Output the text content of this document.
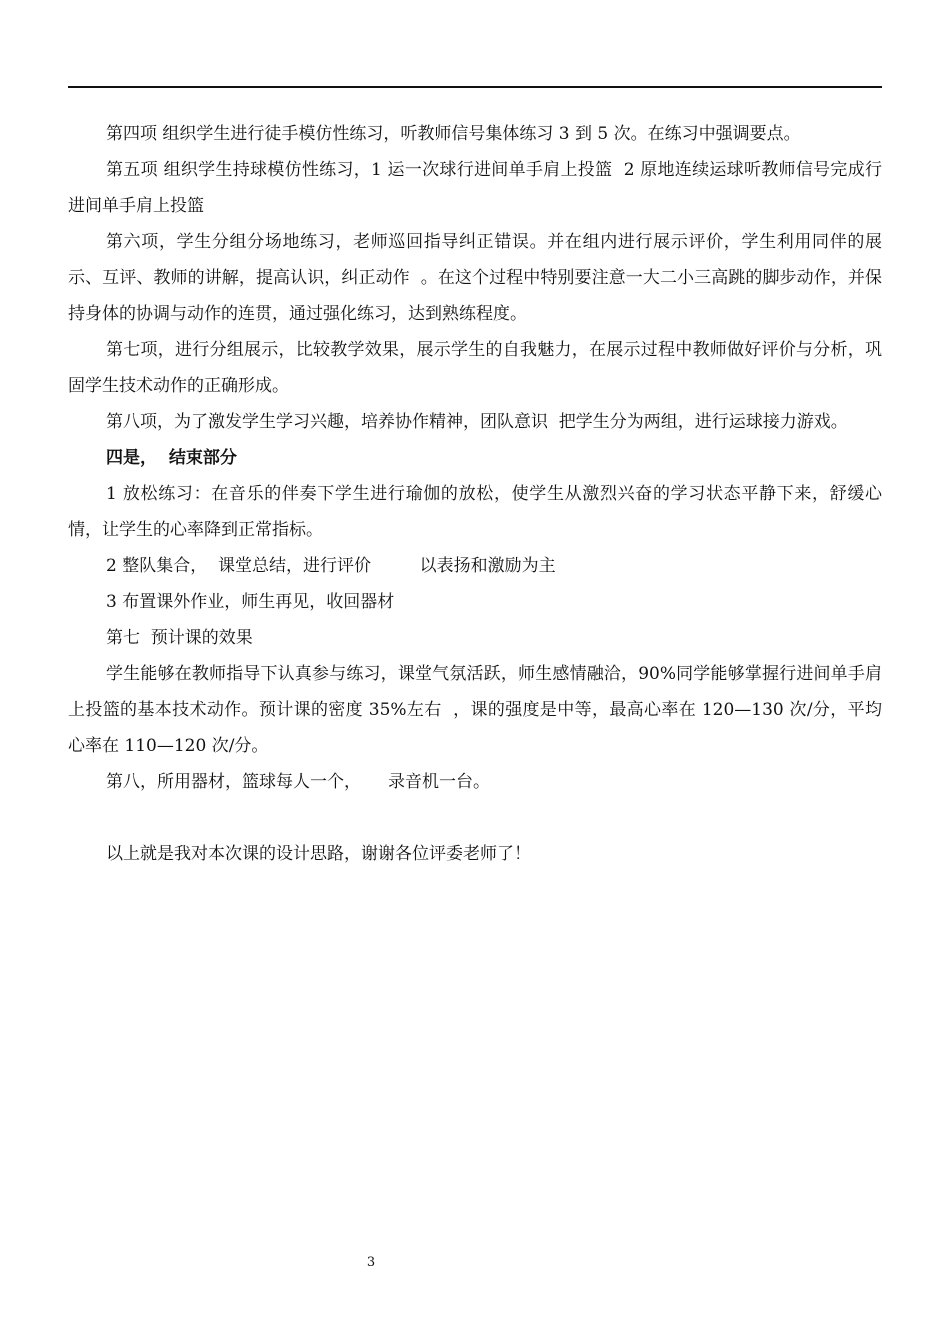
第四项 组织学生进行徒手模仿性练习，听教师信号集体练习 3 到 5 次。在练习中强调要点。

第五项 组织学生持球模仿性练习，1 运一次球行进间单手肩上投篮  2 原地连续运球听教师信号完成行进间单手肩上投篮

第六项，学生分组分场地练习，老师巡回指导纠正错误。并在组内进行展示评价，学生利用同伴的展示、互评、教师的讲解，提高认识，纠正动作  。在这个过程中特别要注意一大二小三高跳的脚步动作，并保持身体的协调与动作的连贯，通过强化练习，达到熟练程度。

第七项，进行分组展示，比较教学效果，展示学生的自我魅力，在展示过程中教师做好评价与分析，巩固学生技术动作的正确形成。

第八项，为了激发学生学习兴趣，培养协作精神，团队意识  把学生分为两组，进行运球接力游戏。

四是，  结束部分

1 放松练习：在音乐的伴奏下学生进行瑜伽的放松，使学生从激烈兴奋的学习状态平静下来，舒缓心情，让学生的心率降到正常指标。

2 整队集合，  课堂总结，进行评价         以表扬和激励为主

3 布置课外作业，师生再见，收回器材

第七  预计课的效果

学生能够在教师指导下认真参与练习，课堂气氛活跃，师生感情融洽，90%同学能够掌握行进间单手肩上投篮的基本技术动作。预计课的密度 35%左右  ，课的强度是中等，最高心率在 120—130 次/分，平均心率在 110—120 次/分。

第八，所用器材，篮球每人一个，     录音机一台。

以上就是我对本次课的设计思路，谢谢各位评委老师了！

3
